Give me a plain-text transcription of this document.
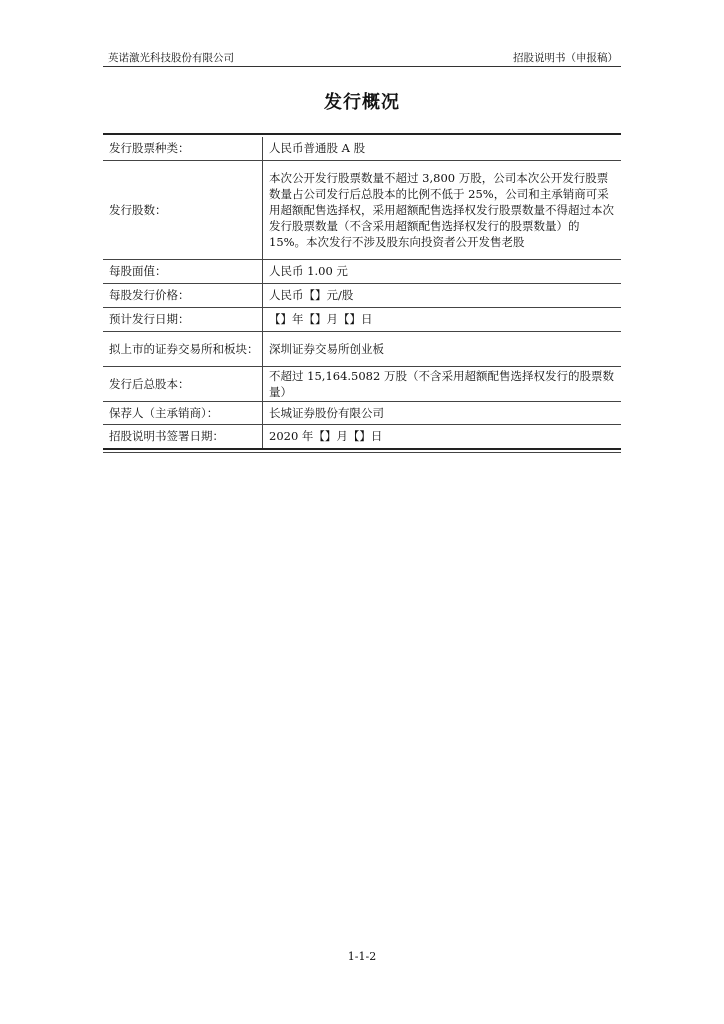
英诺激光科技股份有限公司	招股说明书（申报稿）
发行概况
发行股票种类：	人民币普通股 A 股
发行股数：	本次公开发行股票数量不超过 3,800 万股，公司本次公开发行股票数量占公司发行后总股本的比例不低于 25%，公司和主承销商可采用超额配售选择权，采用超额配售选择权发行股票数量不得超过本次发行股票数量（不含采用超额配售选择权发行的股票数量）的 15%。本次发行不涉及股东向投资者公开发售老股
每股面值：	人民币 1.00 元
每股发行价格：	人民币【】元/股
预计发行日期：	【】年【】月【】日
拟上市的证券交易所和板块：	深圳证券交易所创业板
发行后总股本：	不超过 15,164.5082 万股（不含采用超额配售选择权发行的股票数量）
保荐人（主承销商）：	长城证券股份有限公司
招股说明书签署日期：	2020 年【】月【】日
1-1-2
